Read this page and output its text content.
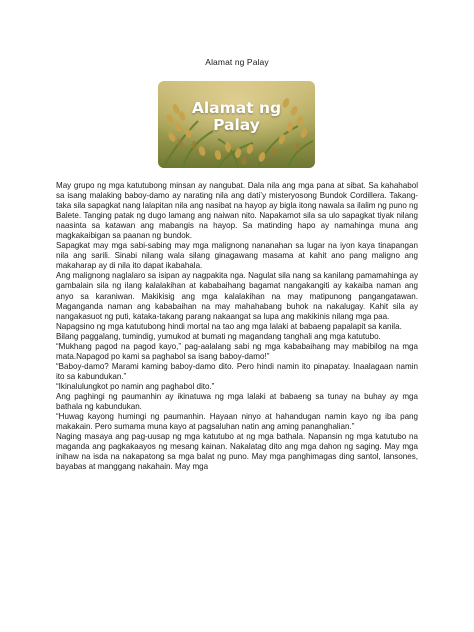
Alamat ng Palay
Alamat ng
Palay

May grupo ng mga katutubong minsan ay nangubat. Dala nila ang mga pana at sibat. Sa kahahabol sa isang malaking baboy-damo ay narating nila ang dati’y misteryosong Bundok Cordillera. Takang-taka sila sapagkat nang lalapitan nila ang nasibat na hayop ay bigla itong nawala sa ilalim ng puno ng Balete. Tanging patak ng dugo lamang ang naiwan nito. Napakamot sila sa ulo sapagkat tiyak nilang naasinta sa katawan ang mabangis na hayop. Sa matinding hapo ay namahinga muna ang magkakaibigan sa paanan ng bundok.

Sapagkat may mga sabi-sabing may mga malignong nananahan sa lugar na iyon kaya tinapangan nila ang sarili. Sinabi nilang wala silang ginagawang masama at kahit ano pang maligno ang makaharap ay di nila ito dapat ikabahala.

Ang malignong naglalaro sa isipan ay nagpakita nga. Nagulat sila nang sa kanilang pamamahinga ay gambalain sila ng ilang kalalakihan at kababaihang bagamat nangakangiti ay kakaiba naman ang anyo sa karaniwan. Makikisig ang mga kalalakihan na may matipunong pangangatawan. Maganganda naman ang kababaihan na may mahahabang buhok na nakalugay. Kahit sila ay nangakasuot ng puti, kataka-takang parang nakaangat sa lupa ang makikinis nilang mga paa.

Napagsino ng mga katutubong hindi mortal na tao ang mga lalaki at babaeng papalapit sa kanila.

Bilang paggalang, tumindig, yumukod at bumati ng magandang tanghali ang mga katutubo.

“Mukhang pagod na pagod kayo,” pag-aalalang sabi ng mga kababaihang may mabibilog na mga mata.Napagod po kami sa paghabol sa isang baboy-damo!”

“Baboy-damo? Marami kaming baboy-damo dito. Pero hindi namin ito pinapatay. Inaalagaan namin ito sa kabundukan.”

“Ikinalulungkot po namin ang paghabol dito.”

Ang paghingi ng paumanhin ay ikinatuwa ng mga lalaki at babaeng sa tunay na buhay ay mga bathala ng kabundukan.

“Huwag kayong humingi ng paumanhin. Hayaan ninyo at hahandugan namin kayo ng iba pang makakain. Pero sumama muna kayo at pagsaluhan natin ang aming pananghalian.”

Naging masaya ang pag-uusap ng mga katutubo at ng mga bathala. Napansin ng mga katutubo na maganda ang pagkakaayos ng mesang kainan. Nakalatag dito ang mga dahon ng saging. May mga inihaw na isda na nakapatong sa mga balat ng puno. May mga panghimagas ding santol, lansones, bayabas at manggang nakahain. May mga
